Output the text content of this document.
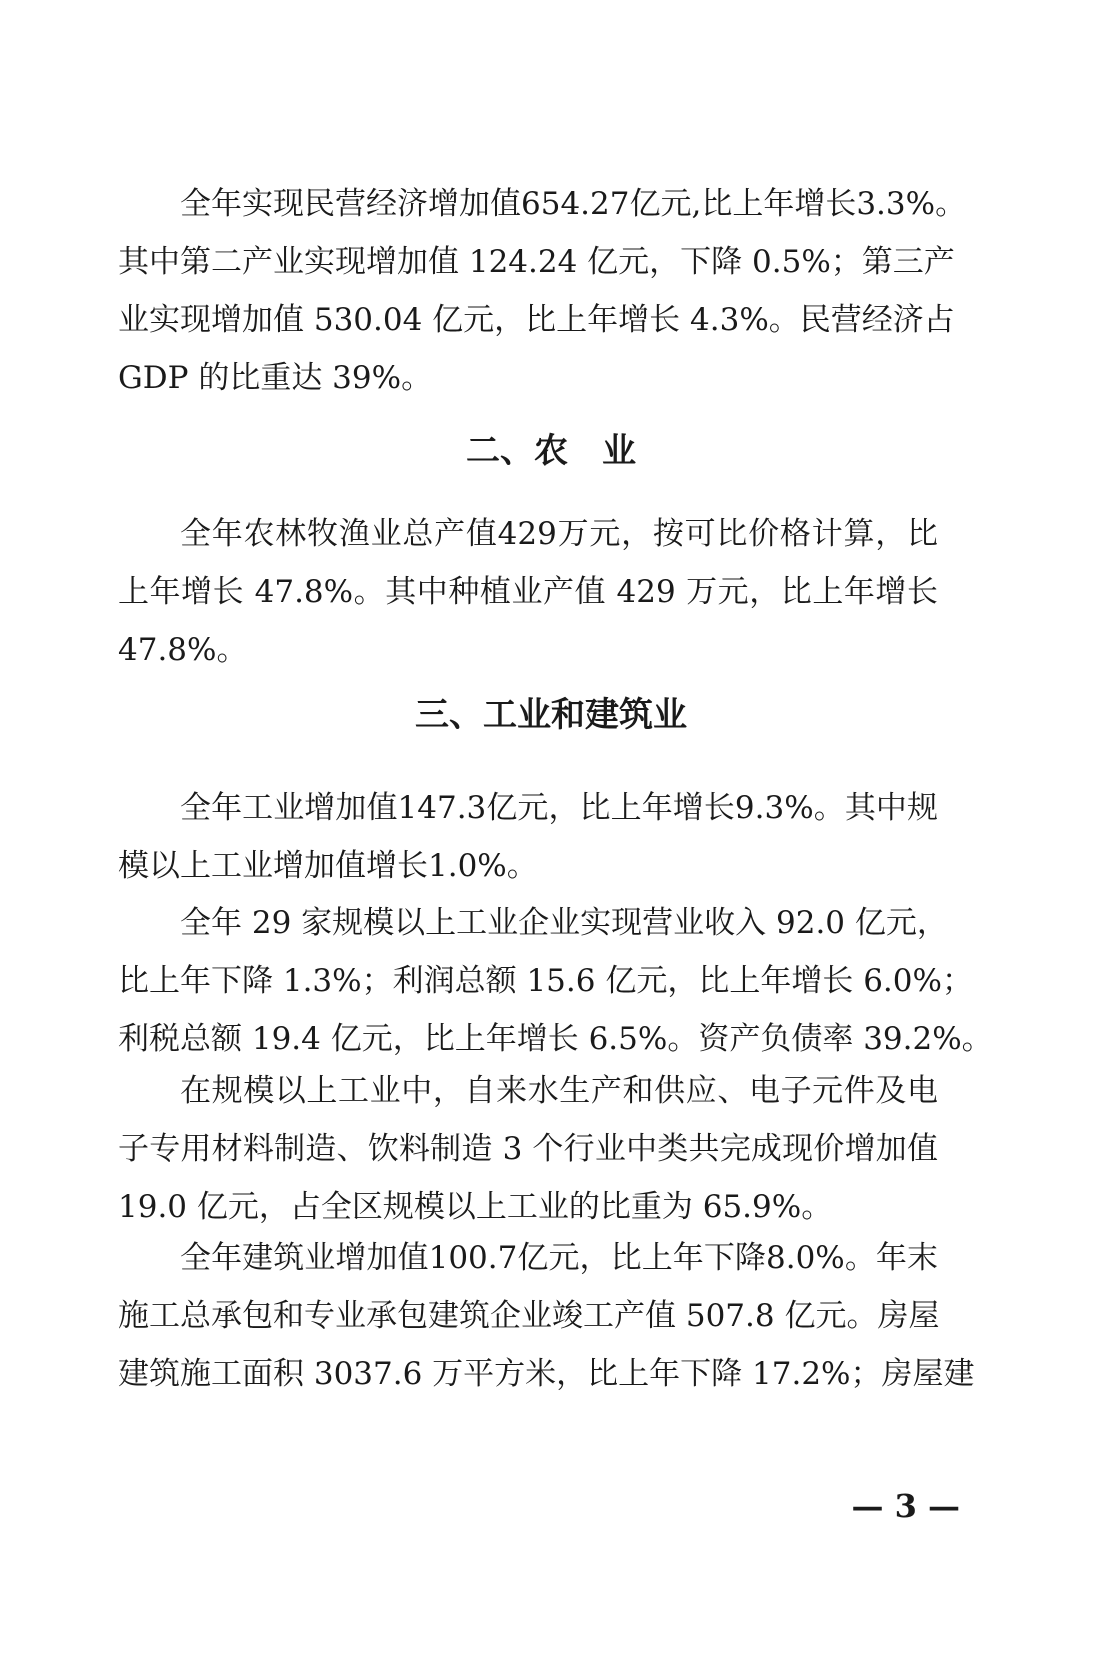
全年实现民营经济增加值654.27亿元,比上年增长3.3%。
其中第二产业实现增加值 124.24 亿元，下降 0.5%；第三产
业实现增加值 530.04 亿元，比上年增长 4.3%。民营经济占
GDP 的比重达 39%。
二、农　业
全年农林牧渔业总产值429万元，按可比价格计算，比
上年增长 47.8%。其中种植业产值 429 万元，比上年增长
47.8%。
三、工业和建筑业
全年工业增加值147.3亿元，比上年增长9.3%。其中规
模以上工业增加值增长1.0%。
全年 29 家规模以上工业企业实现营业收入 92.0 亿元，
比上年下降 1.3%；利润总额 15.6 亿元，比上年增长 6.0%；
利税总额 19.4 亿元，比上年增长 6.5%。资产负债率 39.2%。
在规模以上工业中，自来水生产和供应、电子元件及电
子专用材料制造、饮料制造 3 个行业中类共完成现价增加值
19.0 亿元，占全区规模以上工业的比重为 65.9%。
全年建筑业增加值100.7亿元，比上年下降8.0%。年末
施工总承包和专业承包建筑企业竣工产值 507.8 亿元。房屋
建筑施工面积 3037.6 万平方米，比上年下降 17.2%；房屋建
— 3 —
